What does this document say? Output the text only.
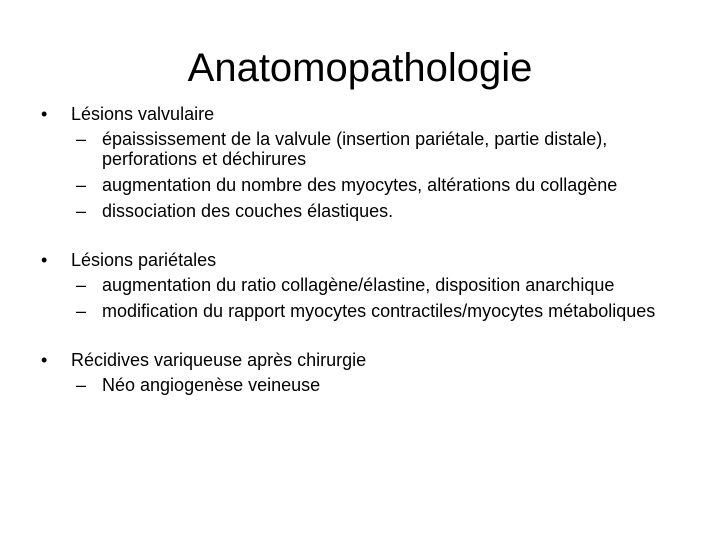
Anatomopathologie
• Lésions valvulaire
– épaississement de la valvule (insertion pariétale, partie distale), perforations et déchirures
– augmentation du nombre des myocytes, altérations du collagène
– dissociation des couches élastiques.
• Lésions pariétales
– augmentation du ratio collagène/élastine, disposition anarchique
– modification du rapport myocytes contractiles/myocytes métaboliques
• Récidives variqueuse après chirurgie
– Néo angiogenèse veineuse
